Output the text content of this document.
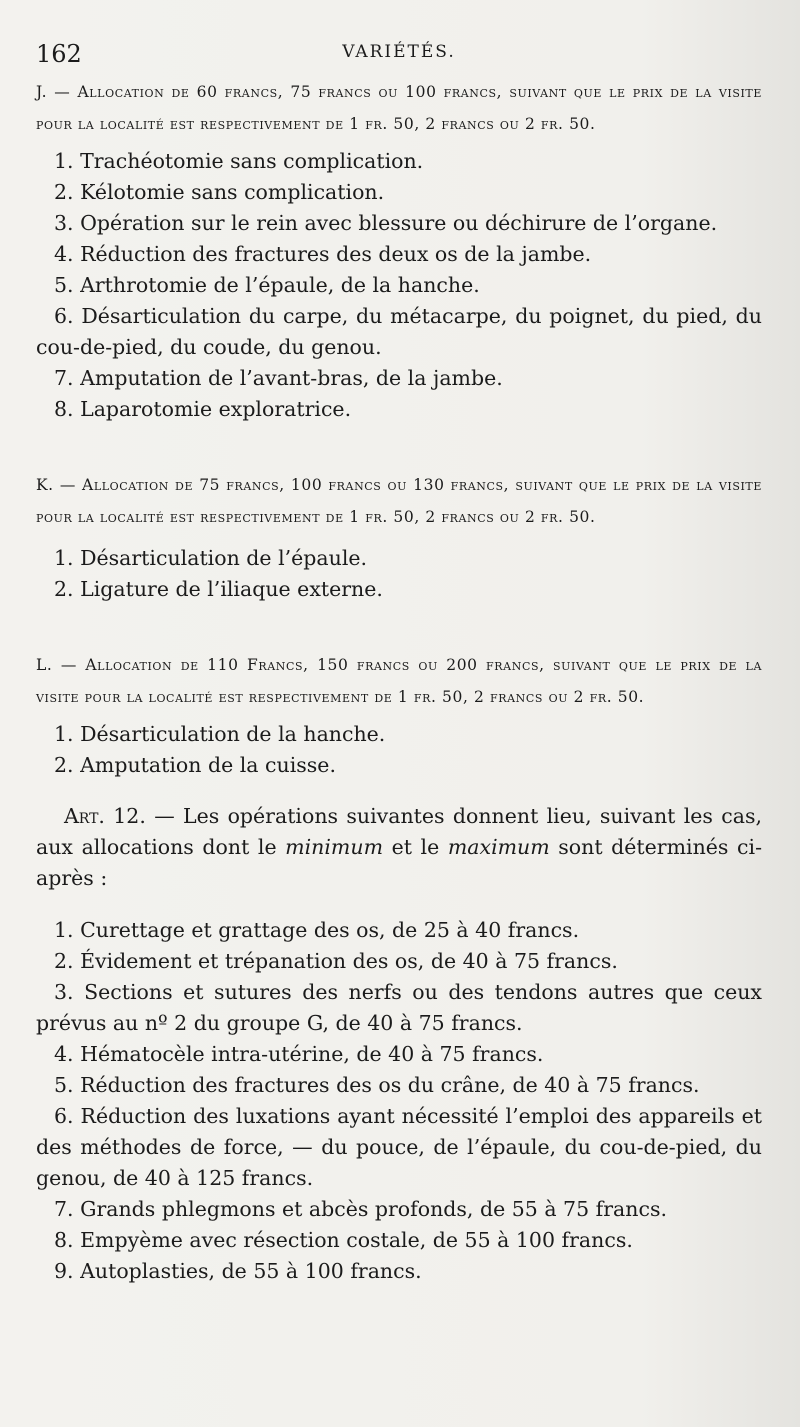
162	VARIÉTÉS.
J. — Allocation de 60 francs, 75 francs ou 100 francs, suivant que le prix de la visite pour la localité est respectivement de 1 fr. 50, 2 francs ou 2 fr. 50.
1. Trachéotomie sans complication.
2. Kélotomie sans complication.
3. Opération sur le rein avec blessure ou déchirure de l’organe.
4. Réduction des fractures des deux os de la jambe.
5. Arthrotomie de l’épaule, de la hanche.
6. Désarticulation du carpe, du métacarpe, du poignet, du pied, du cou-de-pied, du coude, du genou.
7. Amputation de l’avant-bras, de la jambe.
8. Laparotomie exploratrice.
K. — Allocation de 75 francs, 100 francs ou 130 francs, suivant que le prix de la visite pour la localité est respectivement de 1 fr. 50, 2 francs ou 2 fr. 50.
1. Désarticulation de l’épaule.
2. Ligature de l’iliaque externe.
L. — Allocation de 110 Francs, 150 francs ou 200 francs, suivant que le prix de la visite pour la localité est respectivement de 1 fr. 50, 2 francs ou 2 fr. 50.
1. Désarticulation de la hanche.
2. Amputation de la cuisse.

Art. 12. — Les opérations suivantes donnent lieu, suivant les cas, aux allocations dont le minimum et le maximum sont déterminés ci-après :

1. Curettage et grattage des os, de 25 à 40 francs.
2. Évidement et trépanation des os, de 40 à 75 francs.
3. Sections et sutures des nerfs ou des tendons autres que ceux prévus au nº 2 du groupe G, de 40 à 75 francs.
4. Hématocèle intra-utérine, de 40 à 75 francs.
5. Réduction des fractures des os du crâne, de 40 à 75 francs.
6. Réduction des luxations ayant nécessité l’emploi des appareils et des méthodes de force, — du pouce, de l’épaule, du cou-de-pied, du genou, de 40 à 125 francs.
7. Grands phlegmons et abcès profonds, de 55 à 75 francs.
8. Empyème avec résection costale, de 55 à 100 francs.
9. Autoplasties, de 55 à 100 francs.
